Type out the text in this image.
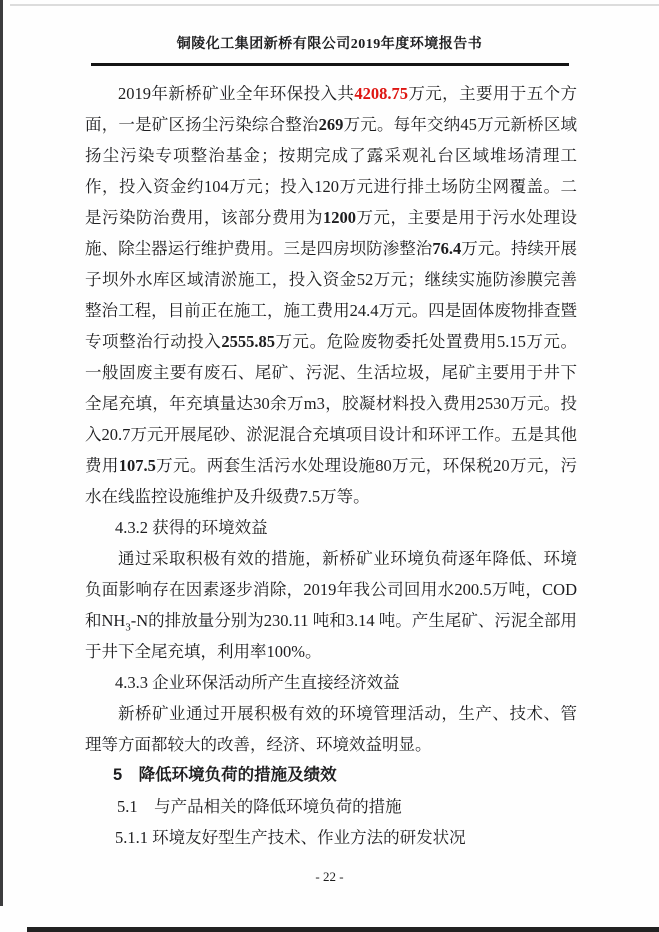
铜陵化工集团新桥有限公司2019年度环境报告书

2019年新桥矿业全年环保投入共4208.75万元，主要用于五个方面，一是矿区扬尘污染综合整治269万元。每年交纳45万元新桥区域扬尘污染专项整治基金；按期完成了露采观礼台区域堆场清理工作，投入资金约104万元；投入120万元进行排土场防尘网覆盖。二是污染防治费用，该部分费用为1200万元，主要是用于污水处理设施、除尘器运行维护费用。三是四房坝防渗整治76.4万元。持续开展子坝外水库区域清淤施工，投入资金52万元；继续实施防渗膜完善整治工程，目前正在施工，施工费用24.4万元。四是固体废物排查暨专项整治行动投入2555.85万元。危险废物委托处置费用5.15万元。一般固废主要有废石、尾矿、污泥、生活垃圾，尾矿主要用于井下全尾充填，年充填量达30余万m3，胶凝材料投入费用2530万元。投入20.7万元开展尾砂、淤泥混合充填项目设计和环评工作。五是其他费用107.5万元。两套生活污水处理设施80万元，环保税20万元，污水在线监控设施维护及升级费7.5万等。

4.3.2 获得的环境效益

通过采取积极有效的措施，新桥矿业环境负荷逐年降低、环境负面影响存在因素逐步消除，2019年我公司回用水200.5万吨，COD和$NH_3-N$的排放量分别为230.11 吨和3.14 吨。产生尾矿、污泥全部用于井下全尾充填，利用率100%。

4.3.3 企业环保活动所产生直接经济效益

新桥矿业通过开展积极有效的环境管理活动，生产、技术、管理等方面都较大的改善，经济、环境效益明显。

5　降低环境负荷的措施及绩效

5.1　与产品相关的降低环境负荷的措施

5.1.1 环境友好型生产技术、作业方法的研发状况

- 22 -
